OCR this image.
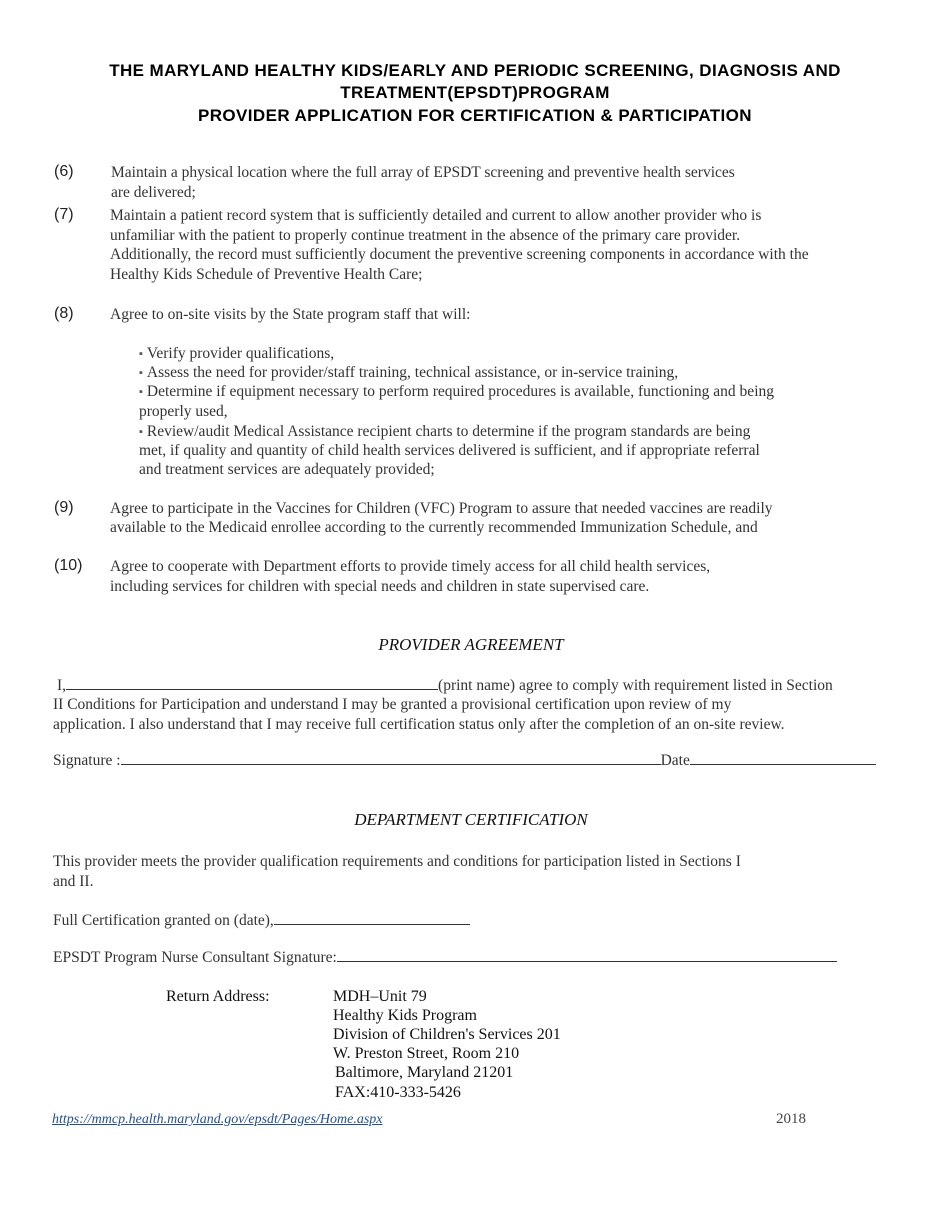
THE MARYLAND HEALTHY KIDS/EARLY AND PERIODIC SCREENING, DIAGNOSIS AND
TREATMENT(EPSDT)PROGRAM
PROVIDER APPLICATION FOR CERTIFICATION & PARTICIPATION
(6) Maintain a physical location where the full array of EPSDT screening and preventive health services
are delivered;
(7) Maintain a patient record system that is sufficiently detailed and current to allow another provider who is
unfamiliar with the patient to properly continue treatment in the absence of the primary care provider.
Additionally, the record must sufficiently document the preventive screening components in accordance with the
Healthy Kids Schedule of Preventive Health Care;
(8) Agree to on-site visits by the State program staff that will:
▪ Verify provider qualifications,
▪ Assess the need for provider/staff training, technical assistance, or in-service training,
▪ Determine if equipment necessary to perform required procedures is available, functioning and being
properly used,
▪ Review/audit Medical Assistance recipient charts to determine if the program standards are being
met, if quality and quantity of child health services delivered is sufficient, and if appropriate referral
and treatment services are adequately provided;
(9) Agree to participate in the Vaccines for Children (VFC) Program to assure that needed vaccines are readily
available to the Medicaid enrollee according to the currently recommended Immunization Schedule, and
(10) Agree to cooperate with Department efforts to provide timely access for all child health services,
including services for children with special needs and children in state supervised care.
PROVIDER AGREEMENT
I,	(print name) agree to comply with requirement listed in Section
II Conditions for Participation and understand I may be granted a provisional certification upon review of my
application. I also understand that I may receive full certification status only after the completion of an on-site review.
Signature :	Date
DEPARTMENT CERTIFICATION
This provider meets the provider qualification requirements and conditions for participation listed in Sections I
and II.
Full Certification granted on (date),
EPSDT Program Nurse Consultant Signature:
Return Address:	MDH–Unit 79
Healthy Kids Program
Division of Children's Services 201
W. Preston Street, Room 210
Baltimore, Maryland 21201
FAX:410-333-5426
https://mmcp.health.maryland.gov/epsdt/Pages/Home.aspx	2018
